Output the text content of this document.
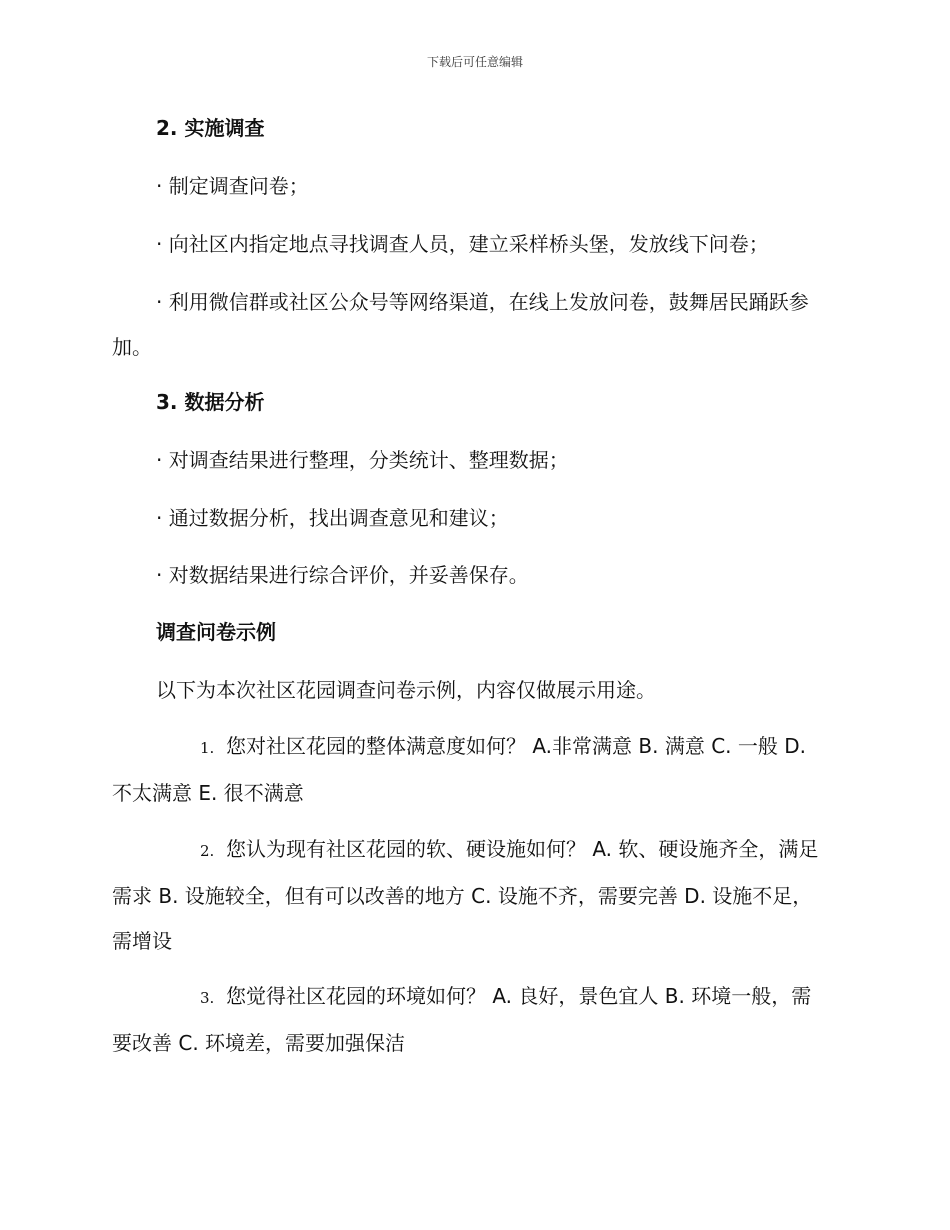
下载后可任意编辑

2. 实施调查

· 制定调查问卷；

· 向社区内指定地点寻找调查人员，建立采样桥头堡，发放线下问卷；

· 利用微信群或社区公众号等网络渠道，在线上发放问卷，鼓舞居民踊跃参加。

3. 数据分析

· 对调查结果进行整理，分类统计、整理数据；

· 通过数据分析，找出调查意见和建议；

· 对数据结果进行综合评价，并妥善保存。

调查问卷示例

以下为本次社区花园调查问卷示例，内容仅做展示用途。

1. 您对社区花园的整体满意度如何？ A.非常满意 B. 满意 C. 一般 D. 不太满意 E. 很不满意

2. 您认为现有社区花园的软、硬设施如何？ A. 软、硬设施齐全，满足需求 B. 设施较全，但有可以改善的地方 C. 设施不齐，需要完善 D. 设施不足，需增设

3. 您觉得社区花园的环境如何？ A. 良好，景色宜人 B. 环境一般，需要改善 C. 环境差，需要加强保洁
